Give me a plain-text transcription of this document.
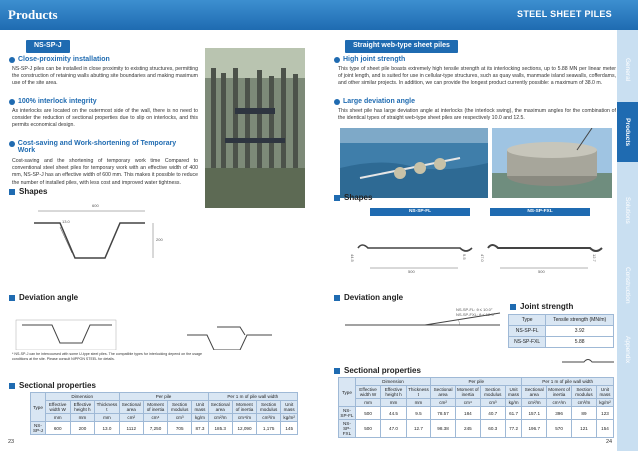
Products	STEEL SHEET PILES
General
Products
Solutions
Construction
Appendix
NS-SP-J
Close-proximity installation
NS-SP-J piles can be installed in close proximity to existing structures, permitting the construction of retaining walls abutting site boundaries and making maximum use of the site area.
100% interlock integrity
As interlocks are located on the outermost side of the wall, there is no need to consider the reduction of sectional properties due to slip on interlocks, and this permits economical design.
Cost-saving and Work-shortening of Temporary Work
Cost-saving and the shortening of temporary work time Compared to conventional steel sheet piles for temporary work with an effective width of 400 mm, NS-SP-J has an effective width of 600 mm. This makes it possible to reduce the number of installed piles, with less cost and improved water tightness.
Shapes
600
13.0
200
Deviation angle
* NS-SP-J can be intercoursed with some U-type steel piles. The compatible types for interlocking depend on the usage conditions at the site. Please consult NIPPON STEEL for details.
Sectional properties
Type	Dimension			Per pile				Per 1 m of pile wall width			
	Effective width W	Effective height h	Thickness t	Sectional area	Moment of inertia	Section modulus	Unit mass	Sectional area	Moment of inertia	Section modulus	Unit mass
	mm	mm	mm	cm²	cm⁴	cm³	kg/m	cm²/m	cm⁴/m	cm³/m	kg/m²
NS-SP-J	600	200	13.0	1112	7,250	705	87.3	185.3	12,090	1,175	145
23
Straight web-type sheet piles
High joint strength
This type of sheet pile boasts extremely high tensile strength at its interlocking sections, up to 5.88 MN per linear meter of joint length, and is suited for use in cellular-type structures, such as quay walls, manmade island seawalls, cofferdams, and other similar projects. In addition, we can provide the longest product currently possible: a maximum of 38.0 m.
Large deviation angle
This sheet pile has large deviation angle at interlocks (the interlock swing), the maximum angles for the combination of the identical types of straight web-type sheet piles are respectively 10.0 and 12.5.
Shapes
NS-SP-FL	NS-SP-FXL
44.5	9.5
500
47.0	12.7
500
Deviation angle
NS-SP-FL: θ ≤ 10.0°
NS-SP-FXL: θ ≤ 12.5°
Joint strength
Type	Tensile strength (MN/m)
NS-SP-FL	3.92
NS-SP-FXL	5.88
Sectional properties
Type	Dimension			Per pile				Per 1 m of pile wall width			
	Effective width W	Effective height h	Thickness t	Sectional area	Moment of inertia	Section modulus	Unit mass	Sectional area	Moment of inertia	Section modulus	Unit mass
	mm	mm	mm	cm²	cm⁴	cm³	kg/m	cm²/m	cm⁴/m	cm³/m	kg/m²
NS-SP-FL	500	44.5	9.5	78.57	184	40.7	61.7	157.1	396	89	123
NS-SP-FXL	500	47.0	12.7	98.38	245	60.3	77.2	196.7	570	121	154
24
